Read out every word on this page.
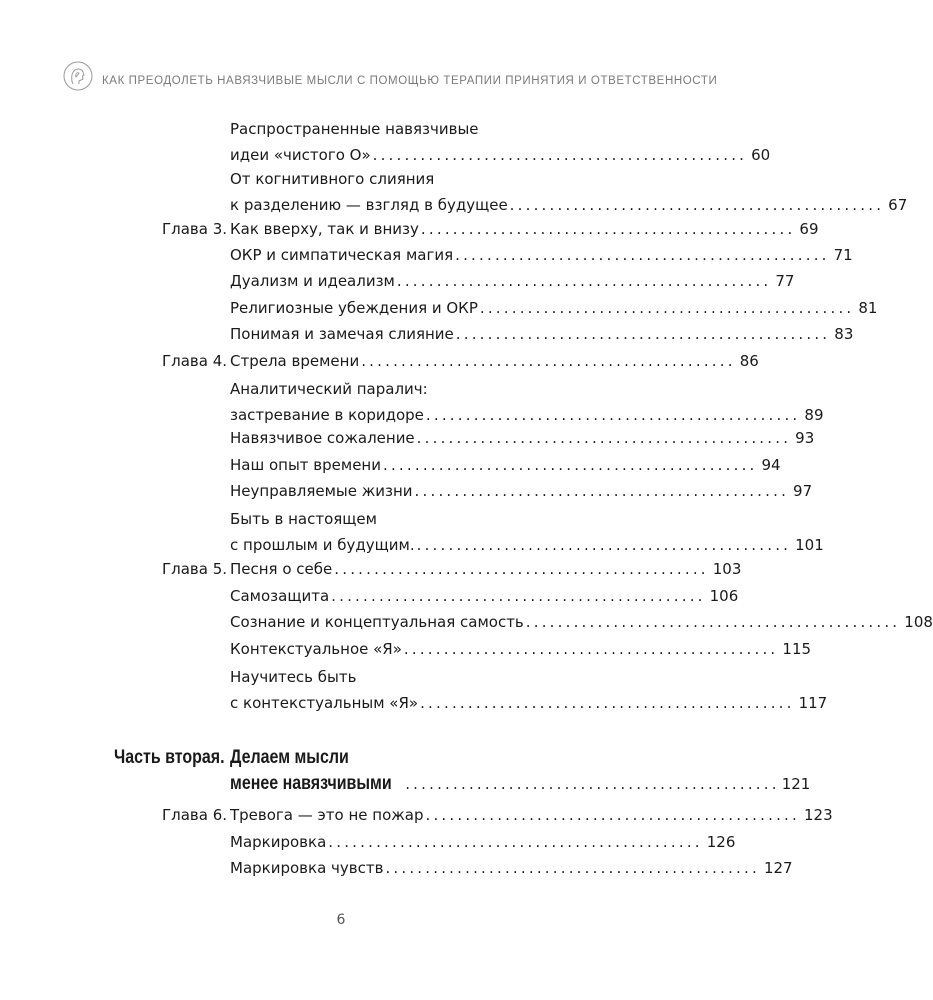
КАК ПРЕОДОЛЕТЬ НАВЯЗЧИВЫЕ МЫСЛИ С ПОМОЩЬЮ ТЕРАПИИ ПРИНЯТИЯ И ОТВЕТСТВЕННОСТИ
Распространенные навязчивые
идеи «чистого О» ............................................... 60
От когнитивного слияния
к разделению — взгляд в будущее ............................................... 67
Глава 3. Как вверху, так и внизу ............................................... 69
ОКР и симпатическая магия ............................................... 71
Дуализм и идеализм ............................................... 77
Религиозные убеждения и ОКР ............................................... 81
Понимая и замечая слияние ............................................... 83
Глава 4. Стрела времени ............................................... 86
Аналитический паралич:
застревание в коридоре ............................................... 89
Навязчивое сожаление ............................................... 93
Наш опыт времени ............................................... 94
Неуправляемые жизни ............................................... 97
Быть в настоящем
с прошлым и будущим. ............................................... 101
Глава 5. Песня о себе ............................................... 103
Самозащита ............................................... 106
Сознание и концептуальная самость ............................................... 108
Контекстуальное «Я» ............................................... 115
Научитесь быть
с контекстуальным «Я» ............................................... 117
Часть вторая. Делаем мысли
менее навязчивыми ............................................... 121
Глава 6. Тревога — это не пожар ............................................... 123
Маркировка ............................................... 126
Маркировка чувств ............................................... 127
6
